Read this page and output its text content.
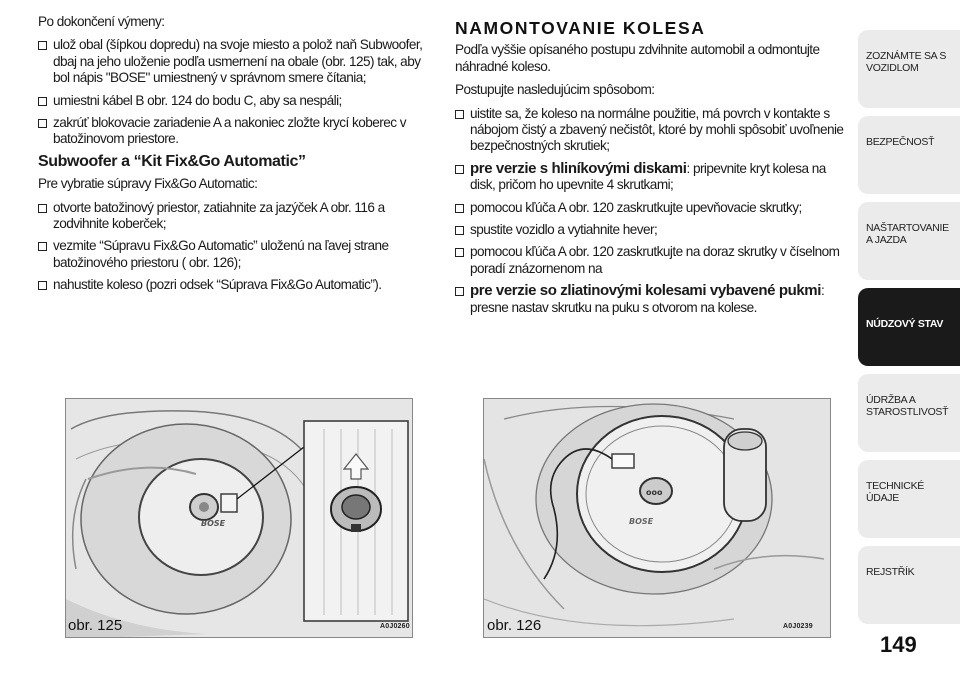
Po dokončení výmeny:

ulož obal (šípkou dopredu) na svoje miesto a polož naň Subwoofer, dbaj na jeho uloženie podľa usmernení na obale (obr. 125) tak, aby bol nápis "BOSE" umiestnený v správnom smere čítania;
umiestni kábel B obr. 124 do bodu C, aby sa nespáli;
zakrúť blokovacie zariadenie A a nakoniec zložte krycí koberec v batožinovom priestore.
Subwoofer a “Kit Fix&Go Automatic”

Pre vybratie súpravy Fix&Go Automatic:

otvorte batožinový priestor, zatiahnite za jazýček A obr. 116 a zodvihnite koberček;
vezmite “Súpravu Fix&Go Automatic” uloženú na ľavej strane batožinového priestoru ( obr. 126);
nahustite koleso (pozri odsek “Súprava Fix&Go Automatic”).
NAMONTOVANIE KOLESA

Podľa vyššie opísaného postupu zdvihnite automobil a odmontujte náhradné koleso.

Postupujte nasledujúcim spôsobom:

uistite sa, že koleso na normálne použitie, má povrch v kontakte s nábojom čistý a zbavený nečistôt, ktoré by mohli spôsobiť uvoľnenie bezpečnostných skrutiek;
pre verzie s hliníkovými diskami: pripevnite kryt kolesa na disk, pričom ho upevnite 4 skrutkami;
pomocou kľúča A obr. 120 zaskrutkujte upevňovacie skrutky;
spustite vozidlo a vytiahnite hever;
pomocou kľúča A obr. 120 zaskrutkujte na doraz skrutky v číselnom poradí znázornenom na
pre verzie so zliatinovými kolesami vybavené pukmi: presne nastav skrutku na puku s otvorom na kolese.
BOSE
obr. 125	A0J0260
ooo
BOSE
obr. 126	A0J0239
ZOZNÁMTE SA S VOZIDLOM
BEZPEČNOSŤ
NAŠTARTOVANIE A JAZDA
NÚDZOVÝ STAV
ÚDRŽBA A STAROSTLIVOSŤ
TECHNICKÉ ÚDAJE
REJSTŘÍK
149
